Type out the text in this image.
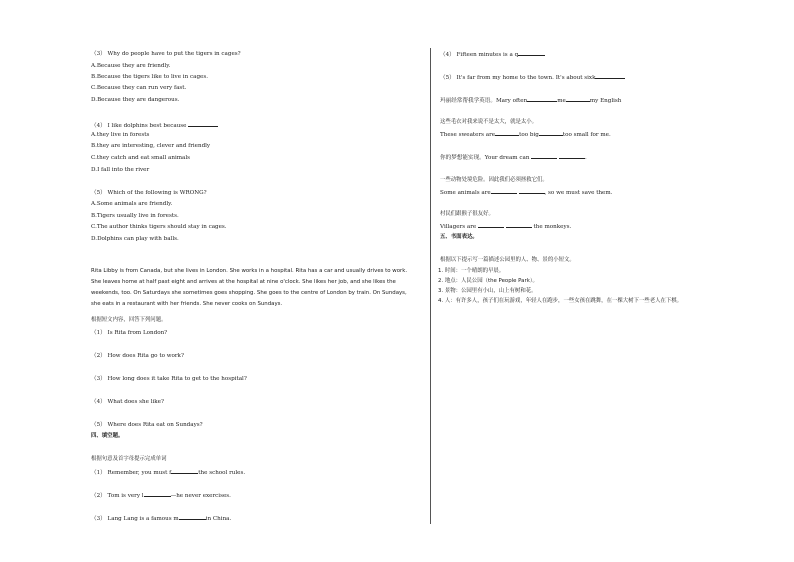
（3） Why do people have to put the tigers in cages?
A.Because they are friendly.
B.Because the tigers like to live in cages.
C.Because they can run very fast.
D.Because they are dangerous.
（4） I like dolphins best because
A.they live in forests
B.they are interesting, clever and friendly
C.they catch and eat small animals
D.I fall into the river
（5） Which of the following is WRONG?
A.Some animals are friendly.
B.Tigers usually live in forests.
C.The author thinks tigers should stay in cages.
D.Dolphins can play with balls.
Rita Libby is from Canada, but she lives in London. She works in a hospital. Rita has a car and usually drives to work.
She leaves home at half past eight and arrives at the hospital at nine o'clock. She likes her job, and she likes the
weekends, too. On Saturdays she sometimes goes shopping. She goes to the centre of London by train. On Sundays,
she eats in a restaurant with her friends. She never cooks on Sundays.
根据短文内容，回答下列问题。
（1） Is Rita from London?
（2） How does Rita go to work?
（3） How long does it take Rita to get to the hospital?
（4） What does she like?
（5） Where does Rita eat on Sundays?
四、填空题。
根据句意及首字母提示完成单词
（1） Remember, you must f	the school rules.
（2） Tom is very l	—he never exercises.
（3） Lang Lang is a famous m	in China.
（4） Fifteen minutes is a q
（5） It's far from my home to the town. It's about sixk
玛丽经常帮我学英语。Mary often	me	my English
这些毛衣对我来说不是太大，就是太小。
These sweaters are	too big	too small for me.
你的梦想能实现。Your dream can	.
一些动物处境危险。因此我们必须拯救它们。
Some animals are	, so we must save them.
村民们跟猴子很友好。
Villagers are	the monkeys.
五、书面表达。
根据以下提示写一篇描述公园里的人、物、景的小短文。
1. 时间：一个晴朗的早晨。
2. 地点：人民公园（the People Park）。
3. 景物：公园里有小山，山上有树和花。
4. 人：有许多人，孩子们在玩游戏，年轻人在跑步，一些女孩在跳舞，在一棵大树下一些老人在下棋。
